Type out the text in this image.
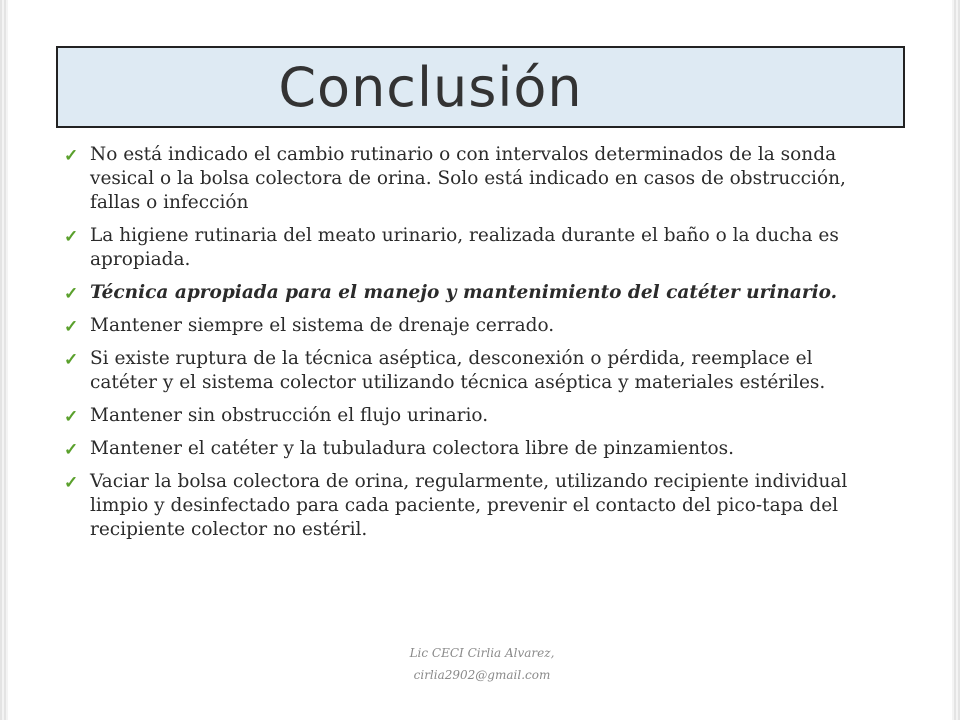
Conclusión
✓ No está indicado el cambio rutinario o con intervalos determinados de la sonda vesical o la bolsa colectora de orina. Solo está indicado en casos de obstrucción, fallas o infección
✓ La higiene rutinaria del meato urinario, realizada durante el baño o la ducha es apropiada.
✓ Técnica apropiada para el manejo y mantenimiento del catéter urinario.
✓ Mantener siempre el sistema de drenaje cerrado.
✓ Si existe ruptura de la técnica aséptica, desconexión o pérdida, reemplace el catéter y el sistema colector utilizando técnica aséptica y materiales estériles.
✓ Mantener sin obstrucción el flujo urinario.
✓ Mantener el catéter y la tubuladura colectora libre de pinzamientos.
✓ Vaciar la bolsa colectora de orina, regularmente, utilizando recipiente individual limpio y desinfectado para cada paciente, prevenir el contacto del pico-tapa del recipiente colector no estéril.
Lic CECI Cirlia Alvarez,
cirlia2902@gmail.com
